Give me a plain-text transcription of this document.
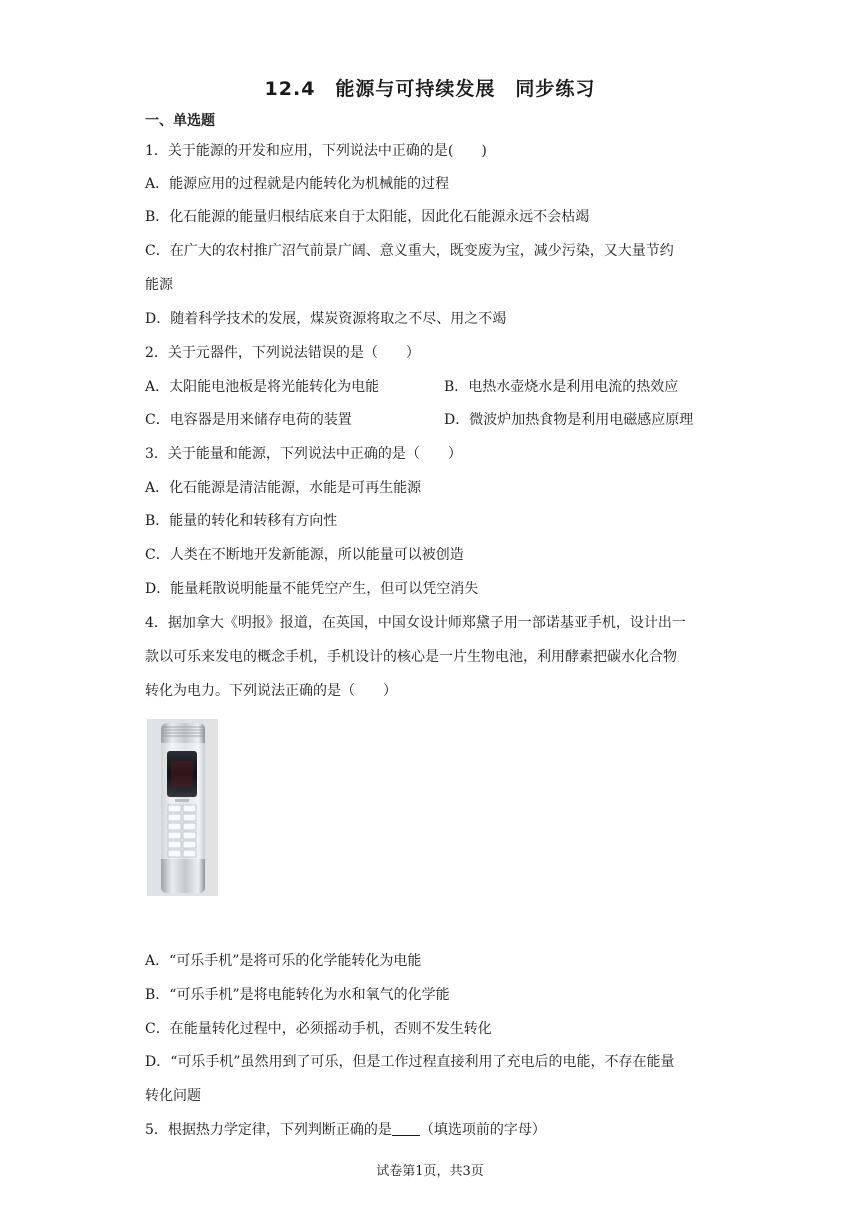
12.4　能源与可持续发展　同步练习
一、单选题
1．关于能源的开发和应用，下列说法中正确的是(　　)
A．能源应用的过程就是内能转化为机械能的过程
B．化石能源的能量归根结底来自于太阳能，因此化石能源永远不会枯竭
C．在广大的农村推广沼气前景广阔、意义重大，既变废为宝，减少污染，又大量节约
能源
D．随着科学技术的发展，煤炭资源将取之不尽、用之不竭
2．关于元器件，下列说法错误的是（　　）
A．太阳能电池板是将光能转化为电能	B．电热水壶烧水是利用电流的热效应
C．电容器是用来储存电荷的装置	D．微波炉加热食物是利用电磁感应原理
3．关于能量和能源，下列说法中正确的是（　　）
A．化石能源是清洁能源，水能是可再生能源
B．能量的转化和转移有方向性
C．人类在不断地开发新能源，所以能量可以被创造
D．能量耗散说明能量不能凭空产生，但可以凭空消失
4．据加拿大《明报》报道，在英国，中国女设计师郑黛子用一部诺基亚手机，设计出一
款以可乐来发电的概念手机，手机设计的核心是一片生物电池，利用酵素把碳水化合物
转化为电力。下列说法正确的是（　　）
A．“可乐手机”是将可乐的化学能转化为电能
B．“可乐手机”是将电能转化为水和氧气的化学能
C．在能量转化过程中，必须摇动手机，否则不发生转化
D．“可乐手机”虽然用到了可乐，但是工作过程直接利用了充电后的电能，不存在能量
转化问题
5．根据热力学定律，下列判断正确的是 （填选项前的字母）
试卷第1页，共3页
